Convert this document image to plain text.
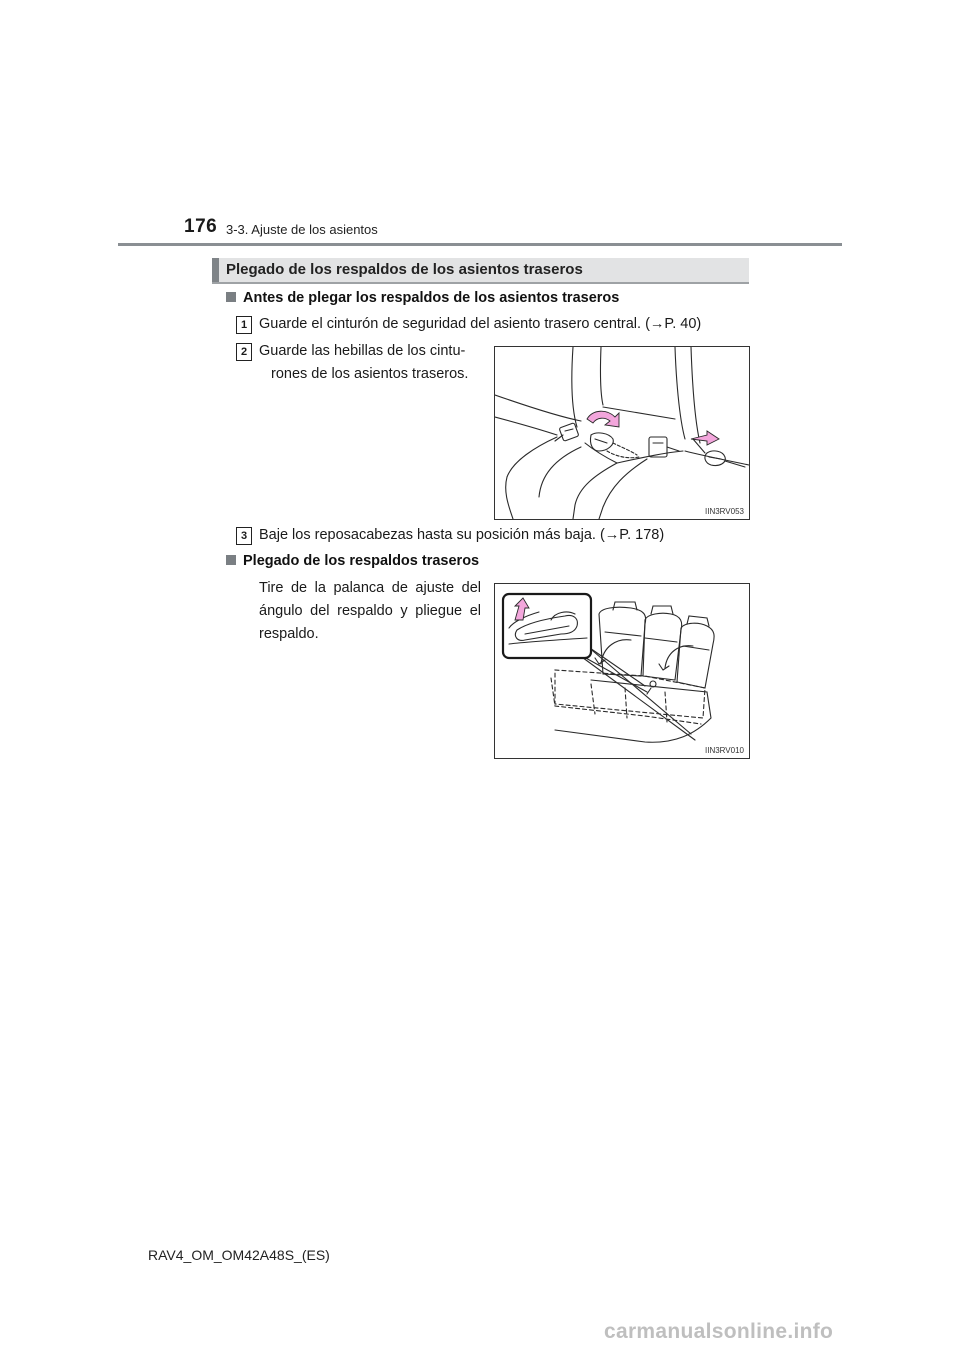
176 3-3. Ajuste de los asientos
Plegado de los respaldos de los asientos traseros
Antes de plegar los respaldos de los asientos traseros
1 Guarde el cinturón de seguridad del asiento trasero central. (→P. 40)
2 Guarde las hebillas de los cintu-
rones de los asientos traseros.
IIN3RV053
3 Baje los reposacabezas hasta su posición más baja. (→P. 178)
Plegado de los respaldos traseros
Tire de la palanca de ajuste del
ángulo del respaldo y pliegue el
respaldo.
IIN3RV010
RAV4_OM_OM42A48S_(ES)
carmanualsonline.info
